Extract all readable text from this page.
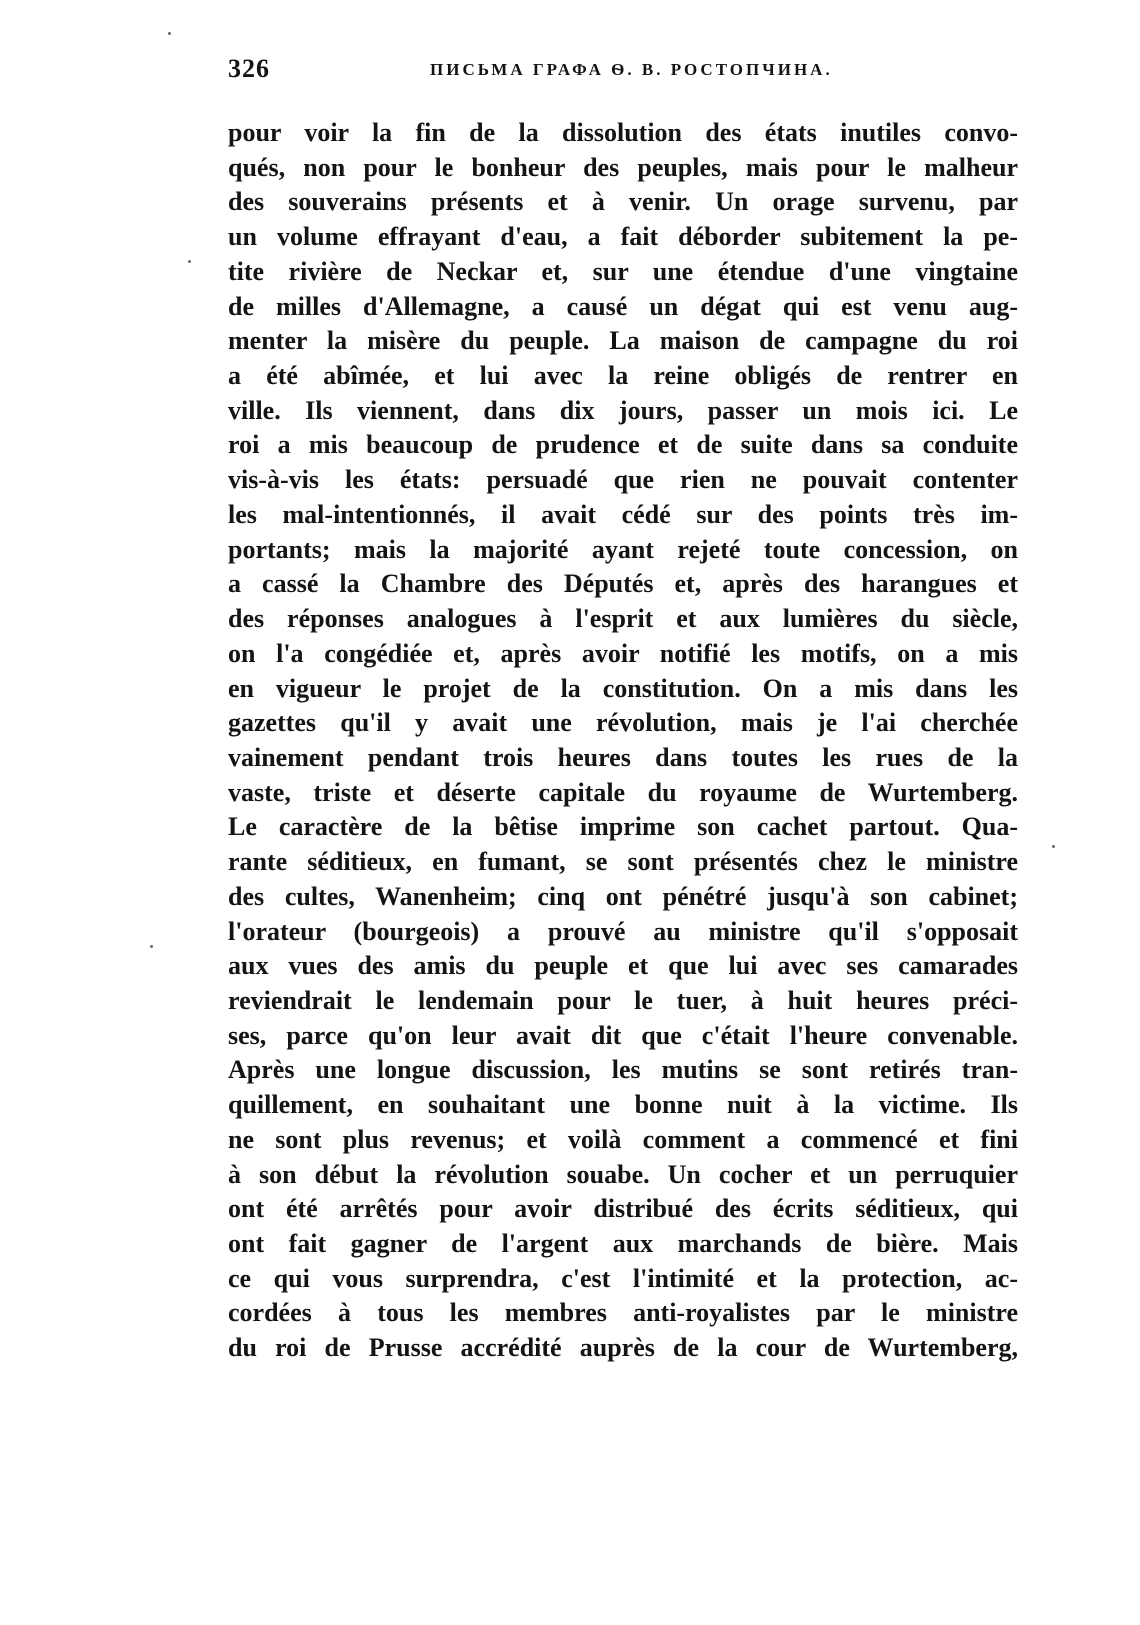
326	ПИСЬМА ГРАФА Ѳ. В. РОСТОПЧИНА.
pour voir la fin de la dissolution des états inutiles convo-
qués, non pour le bonheur des peuples, mais pour le malheur
des souverains présents et à venir. Un orage survenu, par
un volume effrayant d'eau, a fait déborder subitement la pe-
tite rivière de Neckar et, sur une étendue d'une vingtaine
de milles d'Allemagne, a causé un dégat qui est venu aug-
menter la misère du peuple. La maison de campagne du roi
a été abîmée, et lui avec la reine obligés de rentrer en
ville. Ils viennent, dans dix jours, passer un mois ici. Le
roi a mis beaucoup de prudence et de suite dans sa conduite
vis-à-vis les états: persuadé que rien ne pouvait contenter
les mal-intentionnés, il avait cédé sur des points très im-
portants; mais la majorité ayant rejeté toute concession, on
a cassé la Chambre des Députés et, après des harangues et
des réponses analogues à l'esprit et aux lumières du siècle,
on l'a congédiée et, après avoir notifié les motifs, on a mis
en vigueur le projet de la constitution. On a mis dans les
gazettes qu'il y avait une révolution, mais je l'ai cherchée
vainement pendant trois heures dans toutes les rues de la
vaste, triste et déserte capitale du royaume de Wurtemberg.
Le caractère de la bêtise imprime son cachet partout. Qua-
rante séditieux, en fumant, se sont présentés chez le ministre
des cultes, Wanenheim; cinq ont pénétré jusqu'à son cabinet;
l'orateur (bourgeois) a prouvé au ministre qu'il s'opposait
aux vues des amis du peuple et que lui avec ses camarades
reviendrait le lendemain pour le tuer, à huit heures préci-
ses, parce qu'on leur avait dit que c'était l'heure convenable.
Après une longue discussion, les mutins se sont retirés tran-
quillement, en souhaitant une bonne nuit à la victime. Ils
ne sont plus revenus; et voilà comment a commencé et fini
à son début la révolution souabe. Un cocher et un perruquier
ont été arrêtés pour avoir distribué des écrits séditieux, qui
ont fait gagner de l'argent aux marchands de bière. Mais
ce qui vous surprendra, c'est l'intimité et la protection, ac-
cordées à tous les membres anti-royalistes par le ministre
du roi de Prusse accrédité auprès de la cour de Wurtemberg,
